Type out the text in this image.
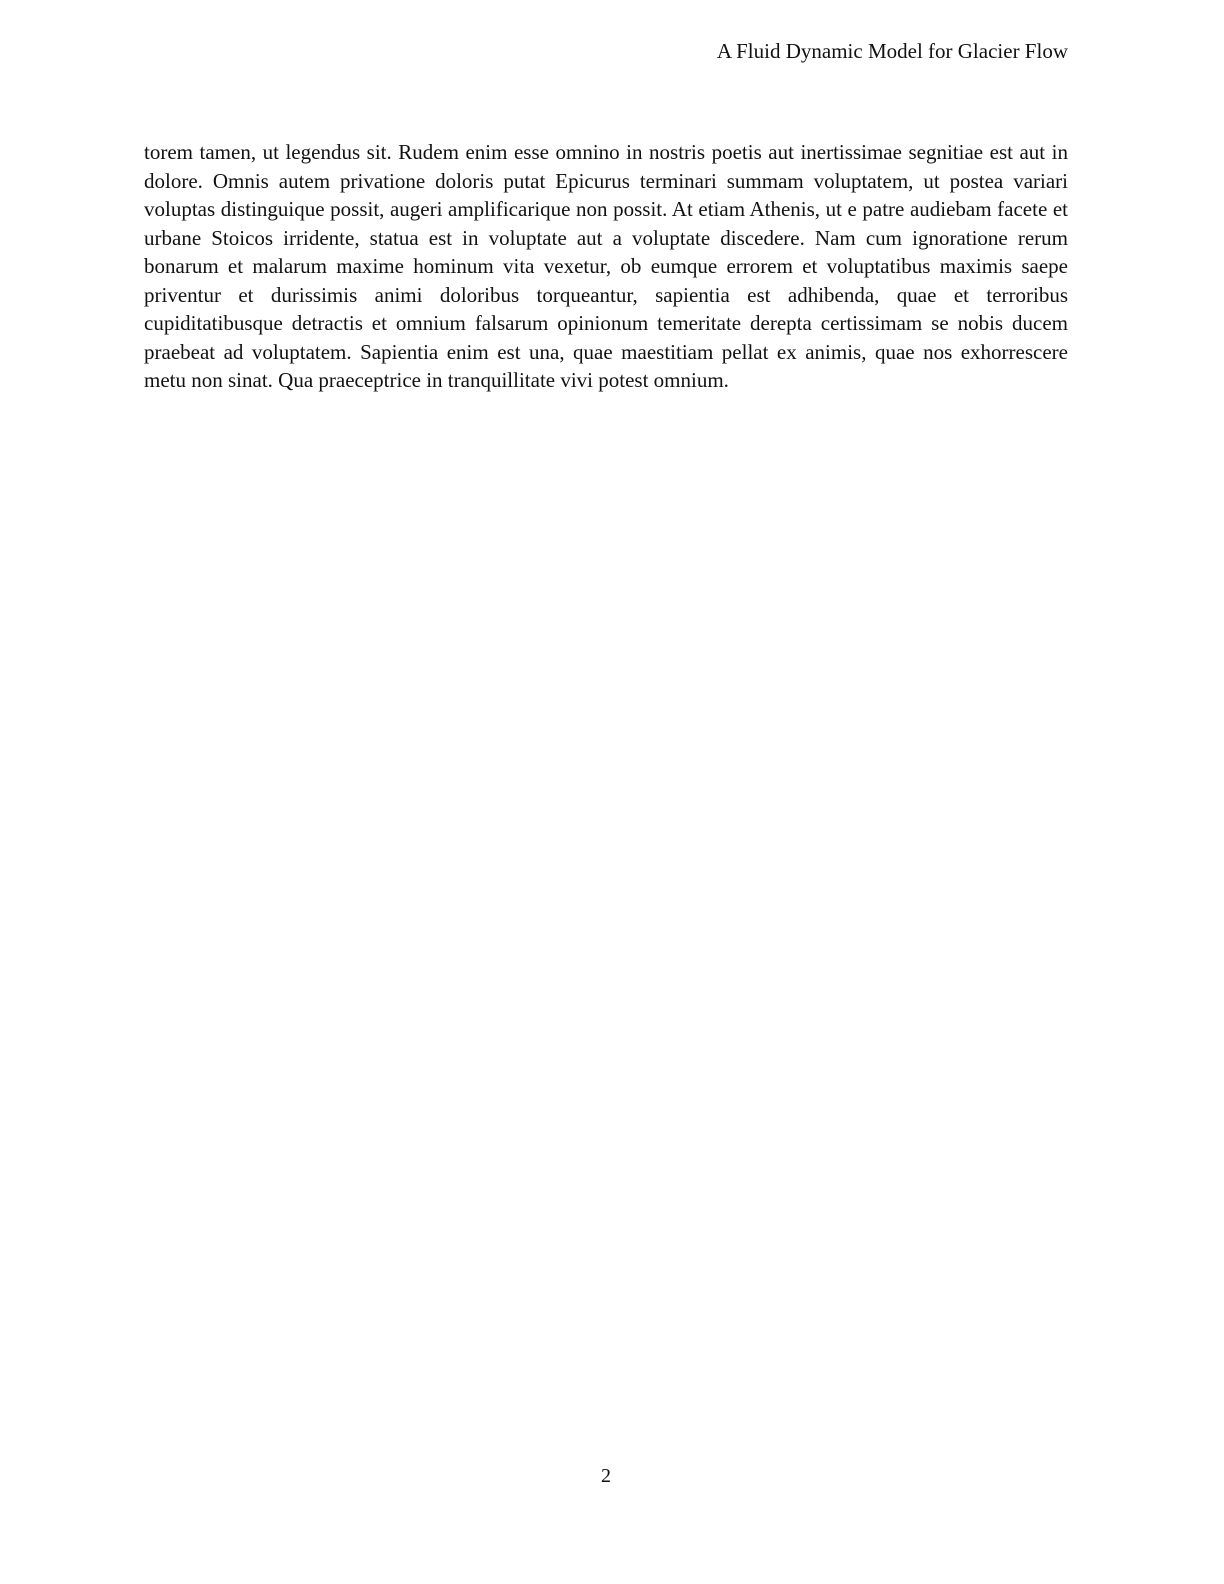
A Fluid Dynamic Model for Glacier Flow

torem tamen, ut legendus sit. Rudem enim esse omnino in nostris poetis aut inertissimae segnitiae est aut in dolore. Omnis autem privatione doloris putat Epicurus terminari summam voluptatem, ut postea variari voluptas distinguique possit, augeri amplificarique non possit. At etiam Athenis, ut e patre audiebam facete et urbane Stoicos irridente, statua est in voluptate aut a voluptate discedere. Nam cum ignoratione rerum bonarum et malarum maxime hominum vita vexetur, ob eumque errorem et voluptatibus maximis saepe priventur et durissimis animi doloribus torqueantur, sapientia est adhibenda, quae et terroribus cupiditatibusque detractis et omnium falsarum opinionum temeritate derepta certissimam se nobis ducem praebeat ad voluptatem. Sapientia enim est una, quae maestitiam pellat ex animis, quae nos exhorrescere metu non sinat. Qua praeceptrice in tranquillitate vivi potest omnium.

2
